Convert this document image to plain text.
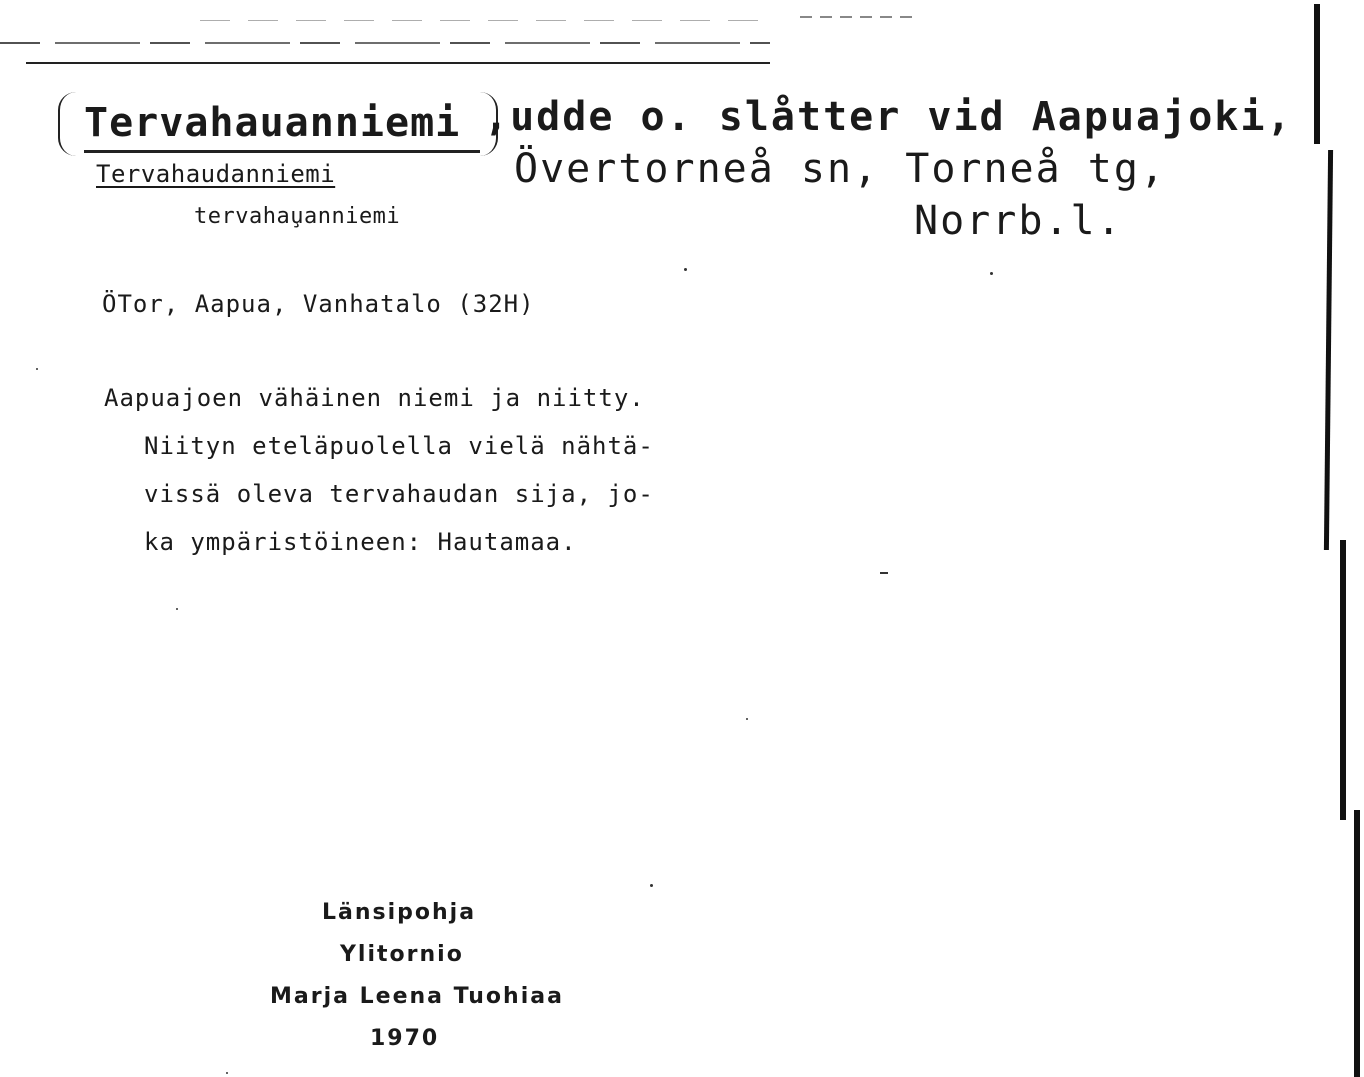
Tervahauanniemi ,udde o. slåtter vid Aapuajoki,
Tervahaudanniemi	Övertorneå sn, Torneå tg,
tervahau̧anniemi	Norrb.l.
ÖTor, Aapua, Vanhatalo (32H)
Aapuajoen vähäinen niemi ja niitty.
Niityn eteläpuolella vielä nähtä-
vissä oleva tervahaudan sija, jo-
ka ympäristöineen: Hautamaa.
Länsipohja
Ylitornio
Marja Leena Tuohiaa
1970
